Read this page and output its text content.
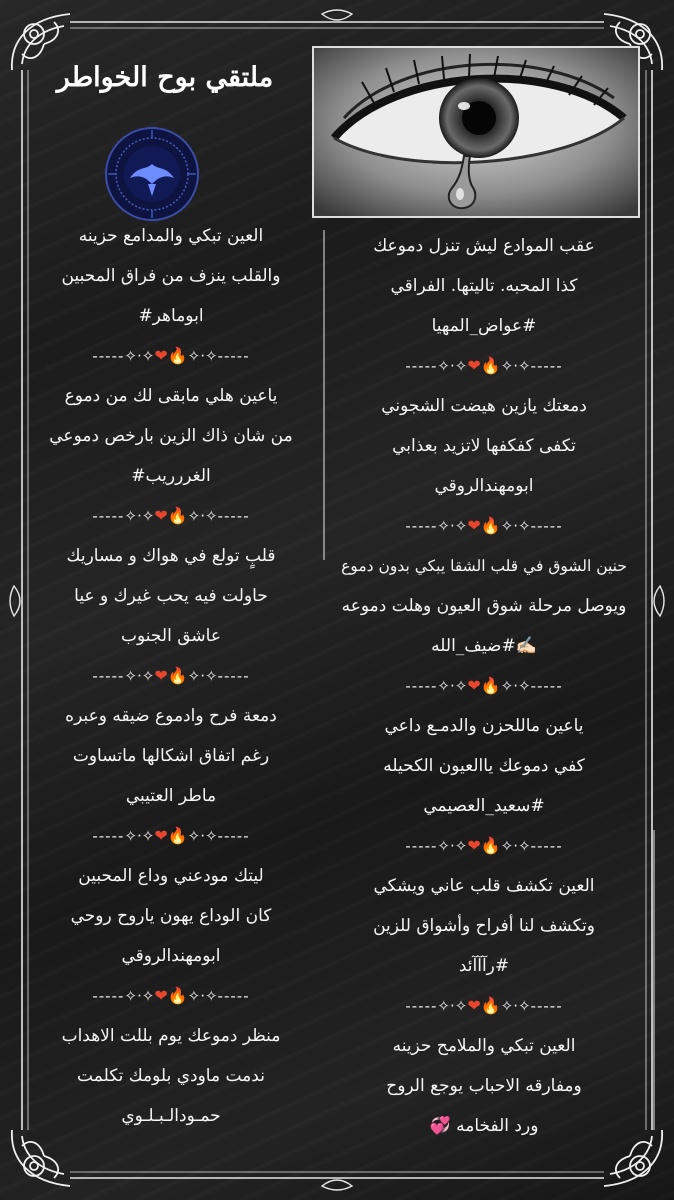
ملتقي بوح الخواطر
العين تبكي والمدامع حزينه
والقلب ينزف من فراق المحبين
ابوماهر#
-----✧·✧❤︎‍🔥✧·✧-----
ياعين هلي مابقى لك من دموع
من شان ذاك الزين بارخص دموعي
الغررريب#
-----✧·✧❤︎‍🔥✧·✧-----
قلبٍ تولع في هواك و مساريك
حاولت فيه يحب غيرك و عيا
عاشق الجنوب
-----✧·✧❤︎‍🔥✧·✧-----
دمعة فرح وادموع ضيقه وعبره
رغم اتفاق اشكالها ماتساوت
ماطر العتيبي
-----✧·✧❤︎‍🔥✧·✧-----
ليتك مودعني وداع المحبين
كان الوداع يهون ياروح روحي
ابومهندالروقي
-----✧·✧❤︎‍🔥✧·✧-----
منظر دموعك يوم بللت الاهداب
ندمت ماودي بلومك تكلمت
حمـودالـبـلـوي
عقب الموادع ليش تنزل دموعك
كذا المحبه. تاليتها. الفراقي
#عواض_المهيا
-----✧·✧❤︎‍🔥✧·✧-----
دمعتك يازين هيضت الشجوني
تكفى كفكفها لاتزيد بعذابي
ابومهندالروقي
-----✧·✧❤︎‍🔥✧·✧-----
حنين الشوق في قلب الشقا يبكي بدون دموع
ويوصل مرحلة شوق العيون وهلت دموعه
✍🏻#ضيف_الله
-----✧·✧❤︎‍🔥✧·✧-----
ياعين ماللحزن والدمـع داعي
كفي دموعك ياالعيون الكحيله
#سعيد_العصيمي
-----✧·✧❤︎‍🔥✧·✧-----
العين تكشف قلب عاني ويشكي
وتكشف لنا أفراح وأشواق للزين
#رآآآئد
-----✧·✧❤︎‍🔥✧·✧-----
العين تبكي والملامح حزينه
ومفارقه الاحباب يوجع الروح
ورد الفخامه 💞
